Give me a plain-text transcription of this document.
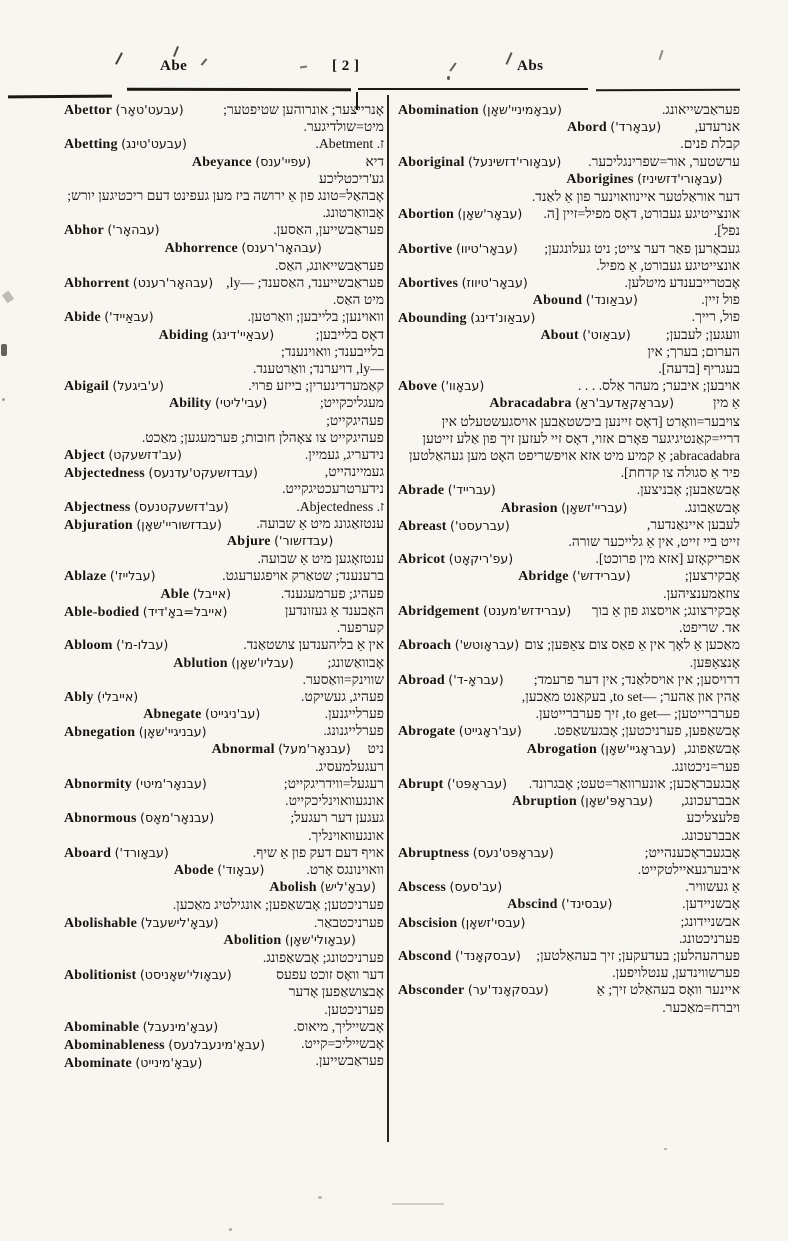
Abe	[ 2 ]	Abs
Abettor (עבעט'טאָר)	אָנרייצער; אונרוהען שטיפטער; מיט=שולדיגער.
Abetting (עבעט'טינג)	ז. Abetment.
Abeyance (עפיי'ענס)	דיא גע'ריכטליכע אָבהאַל=טונג פון אַ ירושה ביז מען געפינט דעם ריכטיגען יורש; אָבוואַרטונג.
Abhor (עבהאָר')	פעראַבשייען, האַסען.
Abhorrence (עבהאָר'רענס)
פעראַבשייאונג, האַס.
Abhorrent (עבהאָר'רענט) פעראַבשייענד, האַסענד; ‪ly—‬, מיט האַס.
Abide (עבאַייד')	וואוינען; בלייבען; וואַרטען.
Abiding (עבאַיי'דינג)	דאָס בלייבען; בלייבענד; וואוינענד; ‪ly—‬, דויערנד; וואַרטענד.
Abigail (ע'ביגעל)	קאַמערדינערין; בייזע פרוי.
Ability (עבי'ליטי)	מעגליכקייט; פעהיגקייט; פעהיגקייט צו צאָהלן חובות; פערמעגען; מאַכט.
Abject (עב'דזשעקט)	נידעריג, געמיין.
Abjectedness (עבדזשעקט'עדנעס)	געמיינהייט, נידערטרעכטיגקייט.
Abjectness (עב'דזשעקטנעס)	ז. Abjectedness.
Abjuration (עבדזשוריי'שאָן)	ענטזאַגונג מיט אַ שבועה.
Abjure (עבדזשור')
ענטזאָגען מיט אַ שבועה.
Ablaze (עבלייז')	ברענענד; שטאַרק אויפגערעגט.
Able (אייבל)	פעהיג; פערמעגענד.
Able-bodied (אייבל=באָ'דיד)	האָבענד אַ געזונדען קערפער.
Abloom (עבלו-מ')	אין אַ בליהענדען צושטאַנד.
Ablution (עבליו'שאָן)	אָבוואַשונג; שווינק=וואַסער.
Ably (אייבלי)	פעהיג, געשיקט.
Abnegate (עב'ניגייט)	פערלייגנען.
Abnegation (עבניגיי'שאָן)	פערלייגנונג.
Abnormal (עבנאָר'מעל)	ניט רעגעלמעסיג.
Abnormity (עבנאָר'מיטי)	רעגעל=ווידריגקייט; אונגעוואוינליכקייט.
Abnormous (עבנאָר'מאָס)	געגען דער רעגעל; אונגעוואוינליך.
Aboard (עבאָורד')	אויף דעם דעק פון אַ שיף.
Abode (עבאָוד')	וואוינונגס אָרט.
Abolish (עבאָ'ליש)
פערניכטען; אָבשאַפען; אונגילטיג מאַכען.
Abolishable (עבאָ'לישעבל)	פערניכטבאַר.
Abolition (עבאָולי'שאָן)
פערניכטונג; אָבשאַפונג.
Abolitionist (עבאָולי'שאָניסט)	דער וואָס זוכט עפעס אָבצושאַפען אָדער פערניכטען.
Abominable (עבאָ'מינעבל)	אָבשייליך, מיאוס.
Abominableness (עבאָ'מינעבלנעס)	אָבשייליכ=קייט.
Abominate (עבאָ'מינייט)	פעראַבשייען.
Abomination (עבאָמיניי'שאָן)	פעראַבשייאונג.
Abord (עבאָרד')	אנרעדע, קבלת פנים.
Aboriginal (עבאָורי'דזשינעל)	ערשטער, אור=שפרינגליכער.
Aborigines (עבאָורי'דזשיניז)
דער אוראַלטער איינוואוינער פון אַ לאַנד.
Abortion (עבאָר'שאָן)	אונצייטיגע געבורט, דאָס מפיל=זיין [ה. נפל].
Abortive (עבאָר'טיוו)	געבאָרען פאַר דער צייט; ניט געלונגען; אונצייטיגע געבורט, אַ מפיל.
Abortives (עבאָר'טיווז)	אָבטרייבענדע מיטלען.
Abound (עבאַונד')	פול זיין.
Abounding (עבאַונ'דינג)	פול, רייך.
About (עבאַוט')	וועגען; לעבען; הערום; בערך; אין בעגריף [בדעה].
Above (עבאָוו')	אויבען; איבער; מעהר אַלס. . . .
Abracadabra (עבראַקאַדעב'ראַ)	אַ מין צויבער=וואָרט [דאָס זיינען ביכשטאַבען אויסגעשטעלט אין דריי=קאַנטיגיגער פאָרם אזוי, דאָס זיי לעזען זיך פון אַלע זייטען ‪abracadabra‬; אַ קמיע מיט אזא אויפשריפט האָט מען געהאַלטען פיר אַ סגולה צו קדחת].
Abrade (עברייד')	אָבשאַבען; אָבניצען.
Abrasion (עבריי'זשאָן)	אָבשאַבונג.
Abreast (עברעסט')	לעבען איינאַנדער, זייט ביי זייט, אין אַ גלייכער שורה.
Abricot (עפ'ריקאָט)	אפריקאָזע [אזא מין פרוכט].
Abridge (עברידזש')	אָבקירצען; צוזאַמענציהען.
Abridgement (עברידזש'מענט)	אָבקירצונג; אויסצוג פון אַ בוך אד. שריפט.
Abroach (עבראָוטש') מאַכען אַ לאָך אין אַ פאַס צום צאַפּען; צום אָנצאַפּען.
Abroad (עבראָ-ד')	דרויסען; אין אויסלאַנד; אין דער פרעמד; אַהין און אַהער; ‪to set—‬, בעקאַנט מאַכען, פערברייטען; ‪to get—‬, זיך פערברייטען.
Abrogate (עב'ראָגייט)	אָבשאַפען, פערניכטען; אָבגעשאַפט.
Abrogation (עבראָגיי'שאָן) אָבשאַפונג, פער=ניכטונג.
Abrupt (עבראָפּט')	אָבגעבראָכען; אונערוואַר=טעט; אָבגרונד.
Abruption (עבראָפּ'שאָן)	אבברעכונג, פּלעצליכע אבברעכונג.
Abruptness (עבראָפּט'נעס)	אָבגעבראָכענהייט; איבערגעאיילטקייט.
Abscess (עב'סעס)	אַ געשוויר.
Abscind (עבסינד')	אָבשניידען.
Abscision (עבסי'זשאָן)	אבשניידונג; פערניכטונג.
Abscond (עבסקאָנד')	פערהעהלען; בעדעקען; זיך בעהאַלטען; פערשווינדען, ענטלויפען.
Absconder (עבסקאָנד'ער)	איינער וואָס בעהאַלט זיך; אַ ויברח=מאַכער.
